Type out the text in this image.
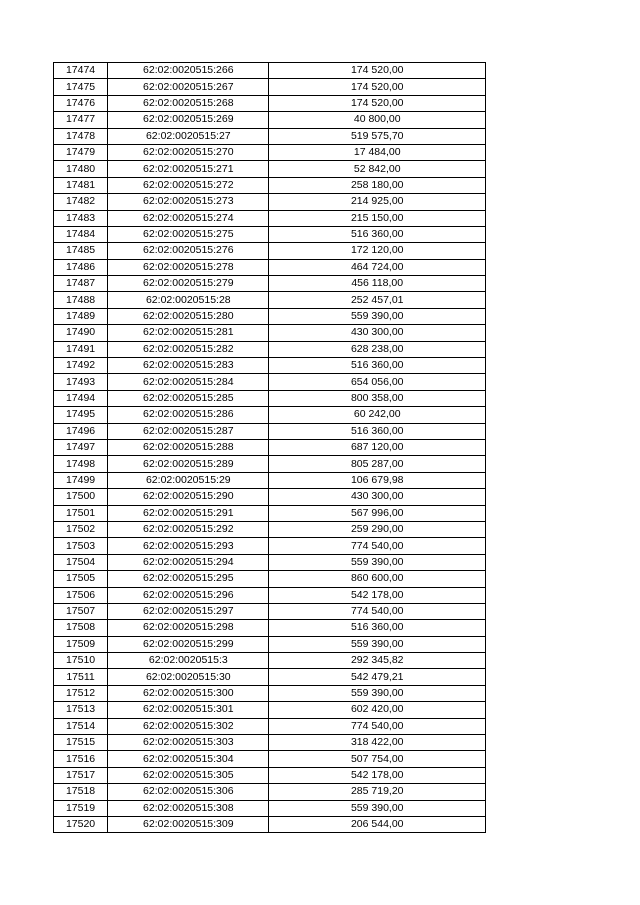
17474	62:02:0020515:266	174 520,00
17475	62:02:0020515:267	174 520,00
17476	62:02:0020515:268	174 520,00
17477	62:02:0020515:269	40 800,00
17478	62:02:0020515:27	519 575,70
17479	62:02:0020515:270	17 484,00
17480	62:02:0020515:271	52 842,00
17481	62:02:0020515:272	258 180,00
17482	62:02:0020515:273	214 925,00
17483	62:02:0020515:274	215 150,00
17484	62:02:0020515:275	516 360,00
17485	62:02:0020515:276	172 120,00
17486	62:02:0020515:278	464 724,00
17487	62:02:0020515:279	456 118,00
17488	62:02:0020515:28	252 457,01
17489	62:02:0020515:280	559 390,00
17490	62:02:0020515:281	430 300,00
17491	62:02:0020515:282	628 238,00
17492	62:02:0020515:283	516 360,00
17493	62:02:0020515:284	654 056,00
17494	62:02:0020515:285	800 358,00
17495	62:02:0020515:286	60 242,00
17496	62:02:0020515:287	516 360,00
17497	62:02:0020515:288	687 120,00
17498	62:02:0020515:289	805 287,00
17499	62:02:0020515:29	106 679,98
17500	62:02:0020515:290	430 300,00
17501	62:02:0020515:291	567 996,00
17502	62:02:0020515:292	259 290,00
17503	62:02:0020515:293	774 540,00
17504	62:02:0020515:294	559 390,00
17505	62:02:0020515:295	860 600,00
17506	62:02:0020515:296	542 178,00
17507	62:02:0020515:297	774 540,00
17508	62:02:0020515:298	516 360,00
17509	62:02:0020515:299	559 390,00
17510	62:02:0020515:3	292 345,82
17511	62:02:0020515:30	542 479,21
17512	62:02:0020515:300	559 390,00
17513	62:02:0020515:301	602 420,00
17514	62:02:0020515:302	774 540,00
17515	62:02:0020515:303	318 422,00
17516	62:02:0020515:304	507 754,00
17517	62:02:0020515:305	542 178,00
17518	62:02:0020515:306	285 719,20
17519	62:02:0020515:308	559 390,00
17520	62:02:0020515:309	206 544,00
